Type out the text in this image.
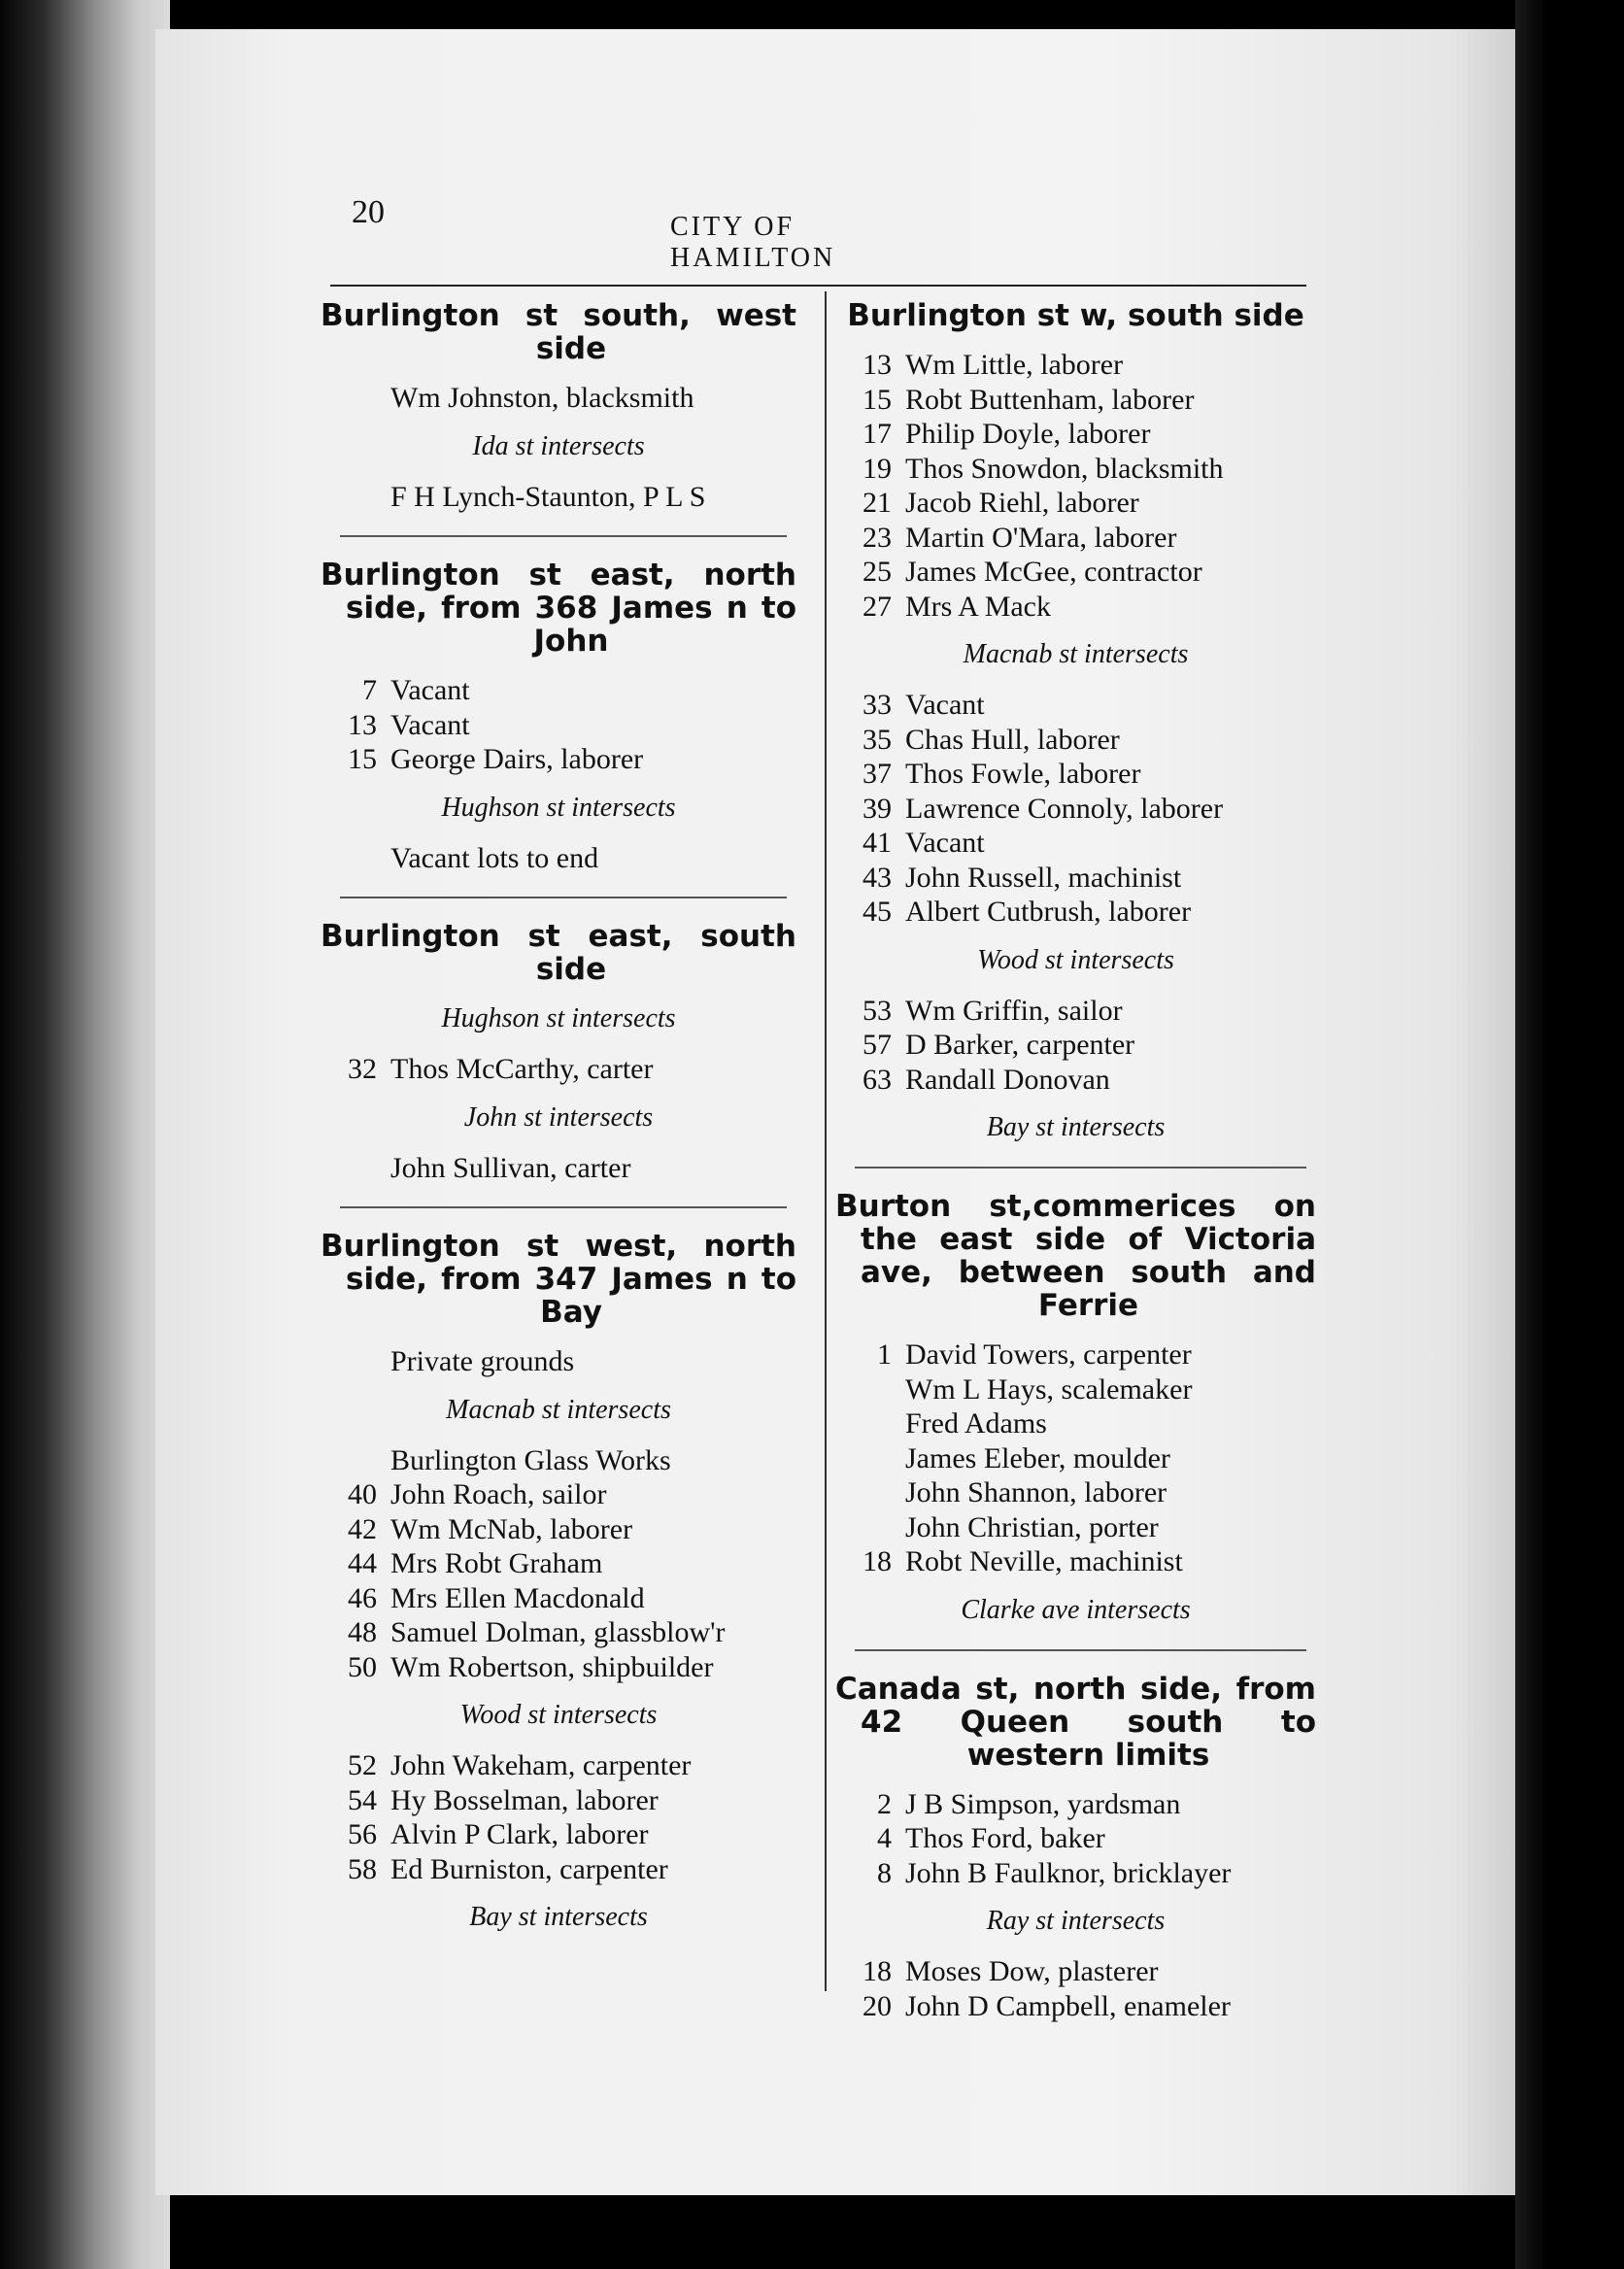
20	CITY OF HAMILTON
Burlington st south, west side
Wm Johnston, blacksmith
Ida st intersects
F H Lynch-Staunton, P L S
Burlington st east, north side, from 368 James n to John
7 Vacant
13 Vacant
15 George Dairs, laborer
Hughson st intersects
Vacant lots to end
Burlington st east, south side
Hughson st intersects
32 Thos McCarthy, carter
John st intersects
John Sullivan, carter
Burlington st west, north side, from 347 James n to Bay
Private grounds
Macnab st intersects
Burlington Glass Works
40 John Roach, sailor
42 Wm McNab, laborer
44 Mrs Robt Graham
46 Mrs Ellen Macdonald
48 Samuel Dolman, glassblow'r
50 Wm Robertson, shipbuilder
Wood st intersects
52 John Wakeham, carpenter
54 Hy Bosselman, laborer
56 Alvin P Clark, laborer
58 Ed Burniston, carpenter
Bay st intersects
Burlington st w, south side
13 Wm Little, laborer
15 Robt Buttenham, laborer
17 Philip Doyle, laborer
19 Thos Snowdon, blacksmith
21 Jacob Riehl, laborer
23 Martin O'Mara, laborer
25 James McGee, contractor
27 Mrs A Mack
Macnab st intersects
33 Vacant
35 Chas Hull, laborer
37 Thos Fowle, laborer
39 Lawrence Connoly, laborer
41 Vacant
43 John Russell, machinist
45 Albert Cutbrush, laborer
Wood st intersects
53 Wm Griffin, sailor
57 D Barker, carpenter
63 Randall Donovan
Bay st intersects
Burton st,commerices on the east side of Victoria ave, between south and Ferrie
1 David Towers, carpenter
Wm L Hays, scalemaker
Fred Adams
James Eleber, moulder
John Shannon, laborer
John Christian, porter
18 Robt Neville, machinist
Clarke ave intersects
Canada st, north side, from 42 Queen south to western limits
2 J B Simpson, yardsman
4 Thos Ford, baker
8 John B Faulknor, bricklayer
Ray st intersects
18 Moses Dow, plasterer
20 John D Campbell, enameler
